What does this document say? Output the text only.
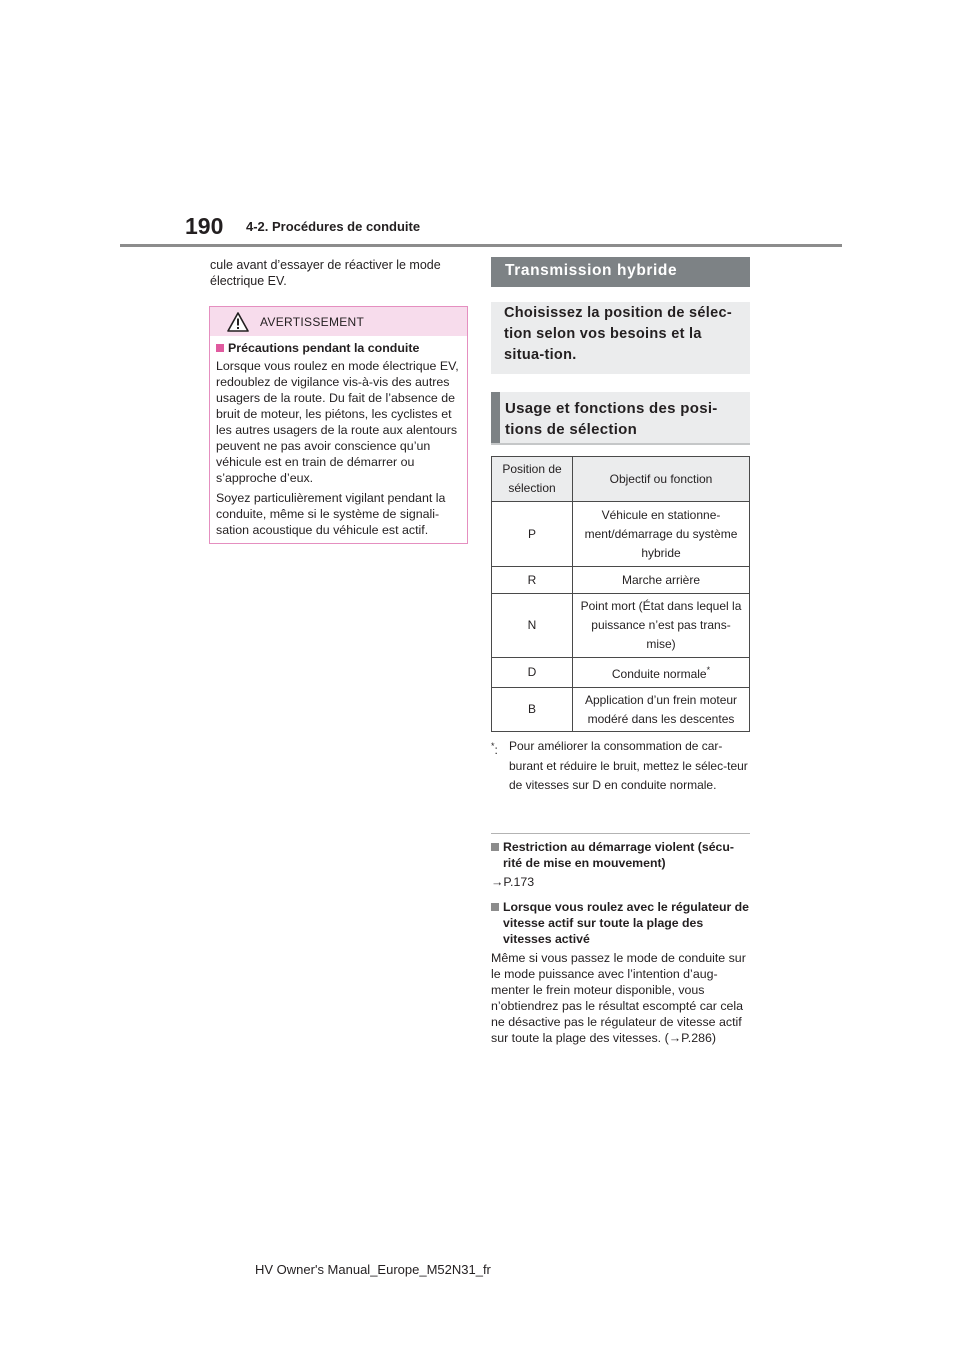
190 4-2. Procédures de conduite
cule avant d’essayer de réactiver le mode électrique EV.
AVERTISSEMENT
Précautions pendant la conduite
Lorsque vous roulez en mode électrique EV, redoublez de vigilance vis-à-vis des autres usagers de la route. Du fait de l’absence de bruit de moteur, les piétons, les cyclistes et les autres usagers de la route aux alentours peuvent ne pas avoir conscience qu’un véhicule est en train de démarrer ou s’approche d’eux.
Soyez particulièrement vigilant pendant la conduite, même si le système de signali-sation acoustique du véhicule est actif.
Transmission hybride
Choisissez la position de sélec-tion selon vos besoins et la situa-tion.
Usage et fonctions des posi-tions de sélection
Position de sélection	Objectif ou fonction
P	Véhicule en stationne-ment/démarrage du système hybride
R	Marche arrière
N	Point mort (État dans lequel la puissance n’est pas trans-mise)
D	Conduite normale*
B	Application d’un frein moteur modéré dans les descentes
*: Pour améliorer la consommation de car-burant et réduire le bruit, mettez le sélec-teur de vitesses sur D en conduite normale.
Restriction au démarrage violent (sécu-rité de mise en mouvement)
→P.173
Lorsque vous roulez avec le régulateur de vitesse actif sur toute la plage des vitesses activé
Même si vous passez le mode de conduite sur le mode puissance avec l’intention d’aug-menter le frein moteur disponible, vous n’obtiendrez pas le résultat escompté car cela ne désactive pas le régulateur de vitesse actif sur toute la plage des vitesses. (→P.286)
HV Owner's Manual_Europe_M52N31_fr
